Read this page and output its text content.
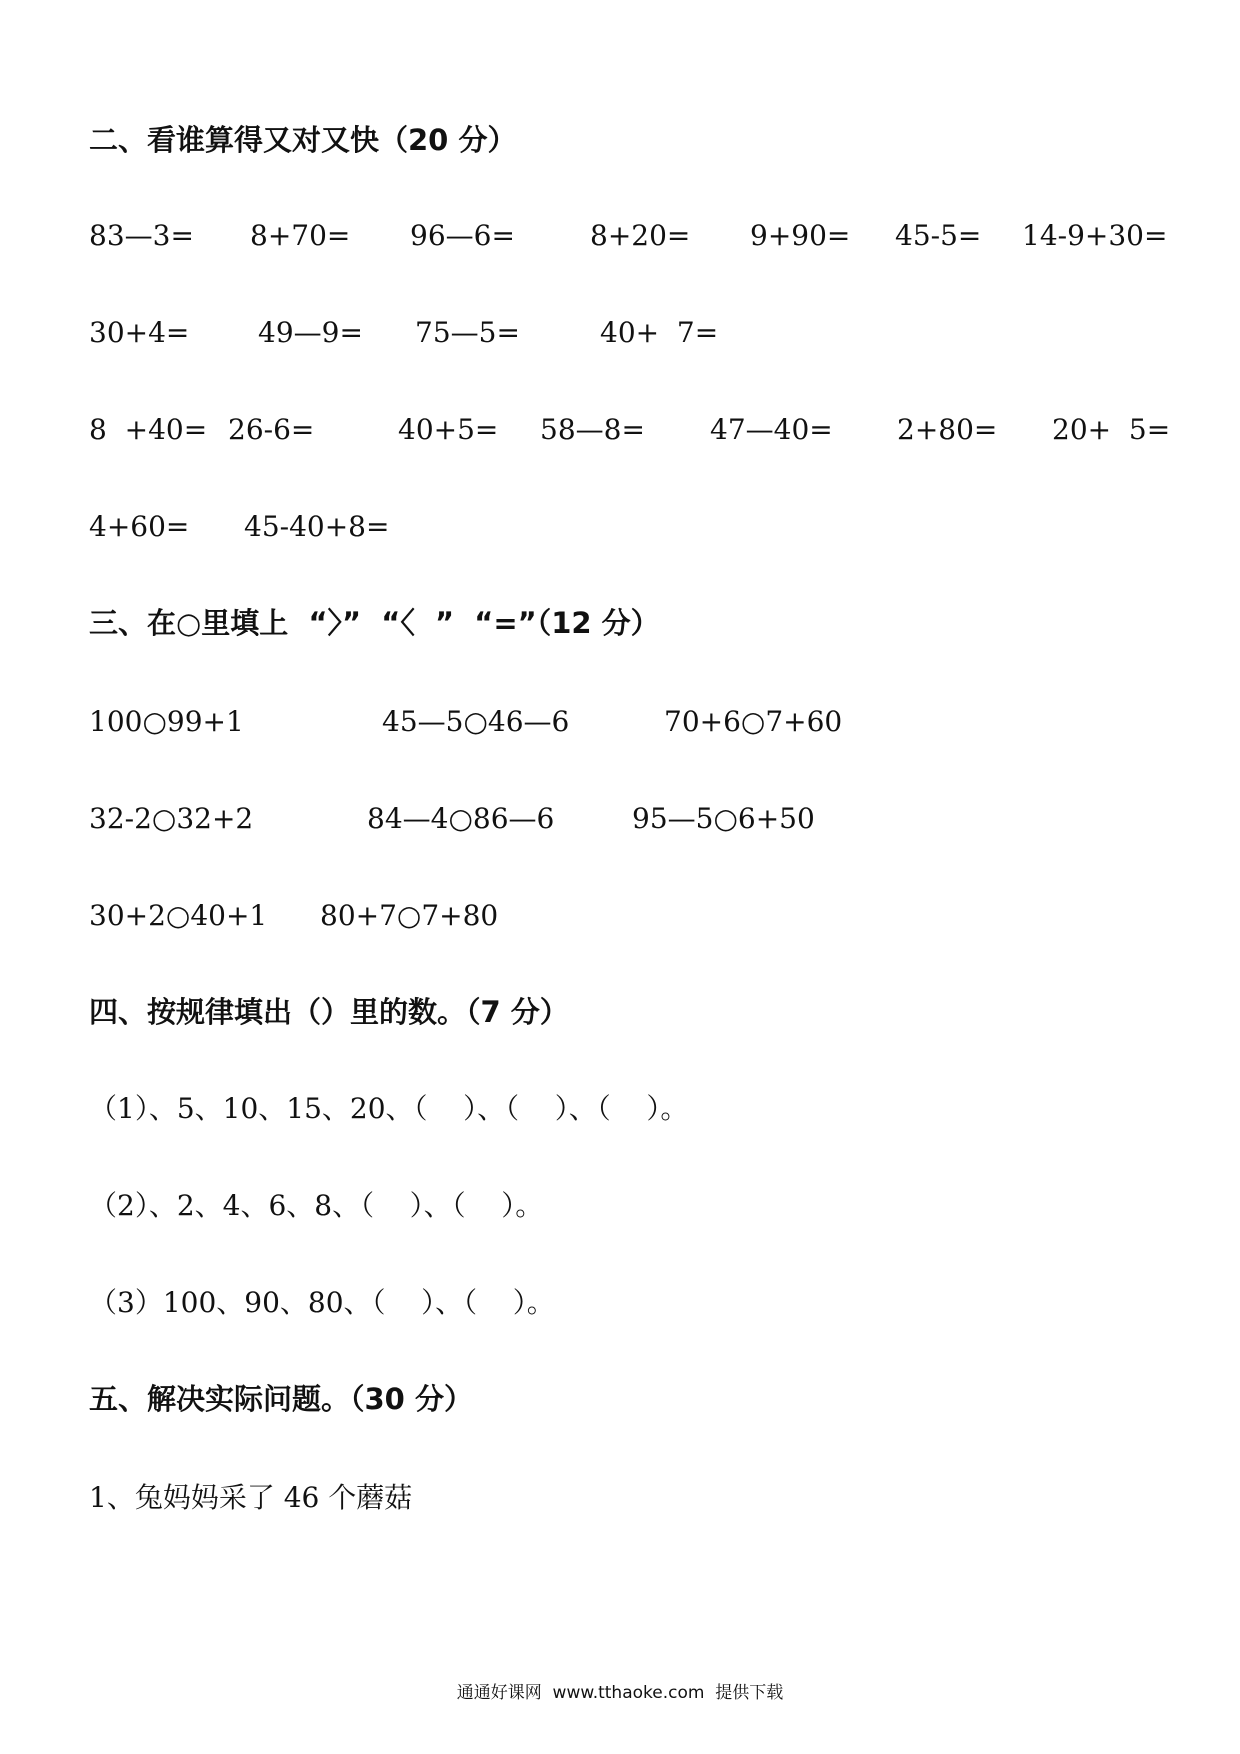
二、看谁算得又对又快（20 分）
83—3= 8+70= 96—6=	8+20= 9+90= 45-5= 14-9+30=
30+4= 49—9= 75—5=	40+  7=
8  +40= 26-6=	40+5= 58—8= 47—40= 2+80= 20+  5=
4+60= 45-40+8=
三、在○里填上  “〉”  “〈  ”  “=”（12 分）
100○99+1	45—5○46—6	70+6○7+60
32-2○32+2	84—4○86—6	95—5○6+50
30+2○40+1 80+7○7+80
四、按规律填出（）里的数。（7 分）
（1）、5、10、15、20、（    ）、（    ）、（    ）。
（2）、2、4、6、8、（    ）、（    ）。
（3）100、90、80、（    ）、（    ）。
五、解决实际问题。（30 分）
1、兔妈妈采了 46 个蘑菇
通通好课网  www.tthaoke.com  提供下载
